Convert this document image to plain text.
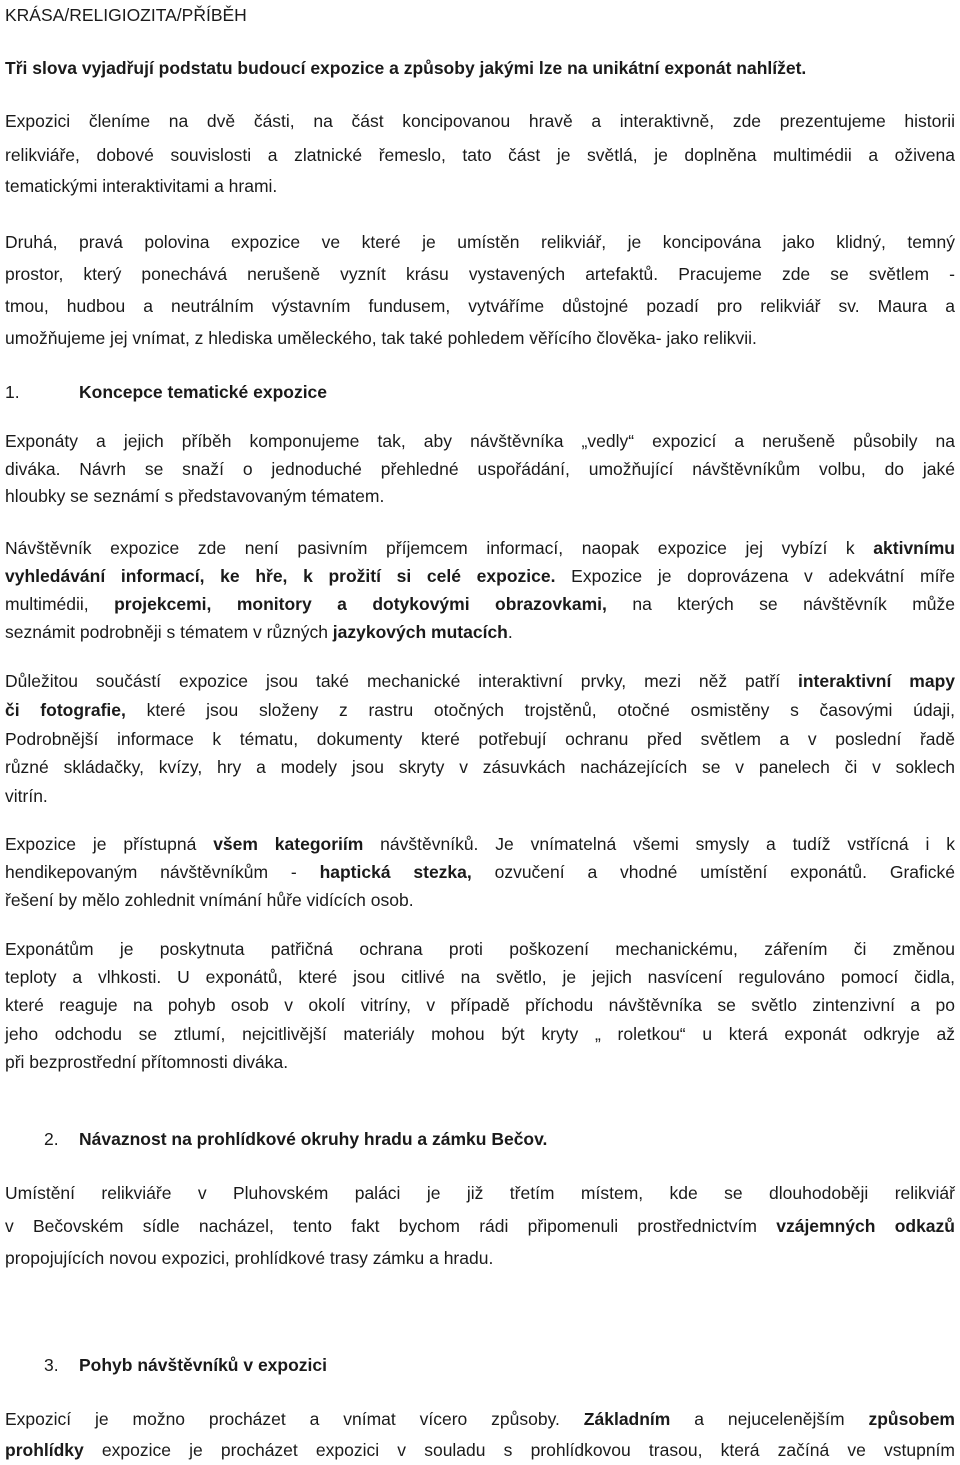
KRÁSA/RELIGIOZITA/PŘÍBĚH
Tři slova vyjadřují podstatu budoucí expozice a způsoby jakými lze na unikátní exponát nahlížet.
Expozici členíme na dvě části, na část koncipovanou hravě a interaktivně, zde prezentujeme historii
relikviáře, dobové souvislosti a zlatnické řemeslo, tato část je světlá, je doplněna multimédii a oživena
tematickými interaktivitami a hrami.
Druhá, pravá polovina expozice ve které je umístěn relikviář, je koncipována jako klidný, temný
prostor, který ponechává nerušeně vyznít krásu vystavených artefaktů. Pracujeme zde se světlem -
tmou, hudbou a neutrálním výstavním fundusem, vytváříme důstojné pozadí pro relikviář sv. Maura a
umožňujeme jej vnímat, z hlediska uměleckého, tak také pohledem věřícího člověka- jako relikvii.
1.	Koncepce tematické expozice
Exponáty a jejich příběh komponujeme tak, aby návštěvníka „vedly“ expozicí a nerušeně působily na
diváka. Návrh se snaží o jednoduché přehledné uspořádání, umožňující návštěvníkům volbu, do jaké
hloubky se seznámí s představovaným tématem.
Návštěvník expozice zde není pasivním příjemcem informací, naopak expozice jej vybízí k aktivnímu
vyhledávání informací, ke hře, k prožití si celé expozice. Expozice je doprovázena v adekvátní míře
multimédii, projekcemi, monitory a dotykovými obrazovkami, na kterých se návštěvník může
seznámit podrobněji s tématem v různých jazykových mutacích.
Důležitou součástí expozice jsou také mechanické interaktivní prvky, mezi něž patří interaktivní mapy
či fotografie, které jsou složeny z rastru otočných trojstěnů, otočné osmistěny s časovými údaji,
Podrobnější informace k tématu, dokumenty které potřebují ochranu před světlem a v poslední řadě
různé skládačky, kvízy, hry a modely jsou skryty v zásuvkách nacházejících se v panelech či v soklech
vitrín.
Expozice je přístupná všem kategoriím návštěvníků. Je vnímatelná všemi smysly a tudíž vstřícná i k
hendikepovaným návštěvníkům - haptická stezka, ozvučení a vhodné umístění exponátů. Grafické
řešení by mělo zohlednit vnímání hůře vidících osob.
Exponátům je poskytnuta patřičná ochrana proti poškození mechanickému, zářením či změnou
teploty a vlhkosti. U exponátů, které jsou citlivé na světlo, je jejich nasvícení regulováno pomocí čidla,
které reaguje na pohyb osob v okolí vitríny, v případě příchodu návštěvníka se světlo zintenzivní a po
jeho odchodu se ztlumí, nejcitlivější materiály mohou být kryty „ roletkou“ u která exponát odkryje až
při bezprostřední přítomnosti diváka.
2. Návaznost na prohlídkové okruhy hradu a zámku Bečov.
Umístění relikviáře v Pluhovském paláci je již třetím místem, kde se dlouhodoběji relikviář
v Bečovském sídle nacházel, tento fakt bychom rádi připomenuli prostřednictvím vzájemných odkazů
propojujících novou expozici, prohlídkové trasy zámku a hradu.
3. Pohyb návštěvníků v expozici
Expozicí je možno procházet a vnímat vícero způsoby. Základním a nejucelenějším způsobem
prohlídky expozice je procházet expozici v souladu s prohlídkovou trasou, která začíná ve vstupním
